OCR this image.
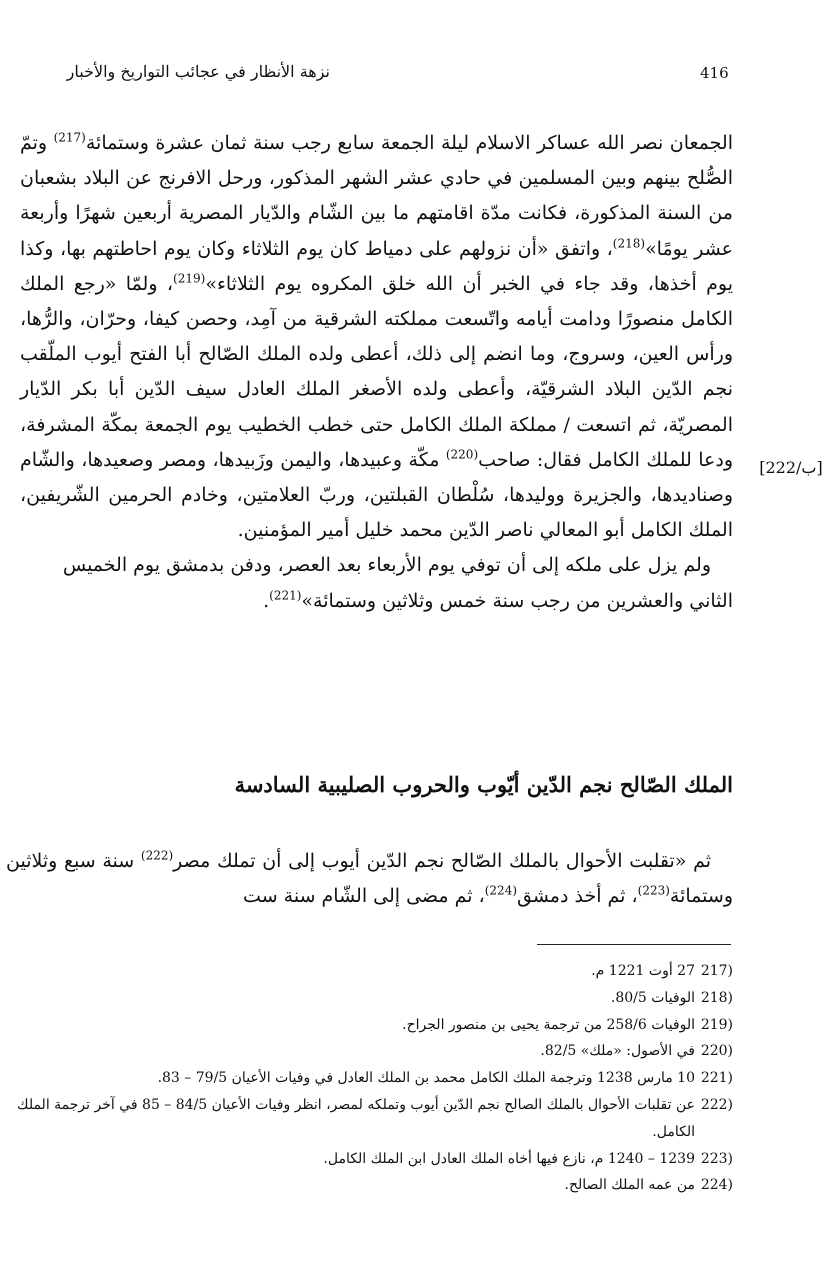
نزهة الأنظار في عجائب التواريخ والأخبار	416
[222/ب]

الجمعان نصر الله عساكر الاسلام ليلة الجمعة سابع رجب سنة ثمان عشرة وستمائة$^{(217)}$ وتمّ الصُّلح بينهم وبين المسلمين في حادي عشر الشهر المذكور، ورحل الافرنج عن البلاد بشعبان من السنة المذكورة، فكانت مدّة اقامتهم ما بين الشّام والدّيار المصرية أربعين شهرًا وأربعة عشر يومًا»$^{(218)}$، واتفق «أن نزولهم على دمياط كان يوم الثلاثاء وكان يوم احاطتهم بها، وكذا يوم أخذها، وقد جاء في الخبر أن الله خلق المكروه يوم الثلاثاء»$^{(219)}$، ولمّا «رجع الملك الكامل منصورًا ودامت أيامه واتّسعت مملكته الشرقية من آمِد، وحصن كيفا، وحرّان، والرُّها، ورأس العين، وسروج، وما انضم إلى ذلك، أعطى ولده الملك الصّالح أبا الفتح أيوب الملّقب نجم الدّين البلاد الشرقيّة، وأعطى ولده الأصغر الملك العادل سيف الدّين أبا بكر الدّيار المصريّة، ثم اتسعت / مملكة الملك الكامل حتى خطب الخطيب يوم الجمعة بمكّة المشرفة، ودعا للملك الكامل فقال: صاحب$^{(220)}$ مكّة وعبيدها، واليمن وزَبيدها، ومصر وصعيدها، والشّام وصناديدها، والجزيرة ووليدها، سُلْطان القبلتين، وربّ العلامتين، وخادم الحرمين الشّريفين، الملك الكامل أبو المعالي ناصر الدّين محمد خليل أمير المؤمنين.

ولم يزل على ملكه إلى أن توفي يوم الأربعاء بعد العصر، ودفن بدمشق يوم الخميس الثاني والعشرين من رجب سنة خمس وثلاثين وستمائة»$^{(221)}$.

الملك الصّالح نجم الدّين أيّوب والحروب الصليبية السادسة

ثم «تقلبت الأحوال بالملك الصّالح نجم الدّين أيوب إلى أن تملك مصر$^{(222)}$ سنة سبع وثلاثين وستمائة$^{(223)}$، ثم أخذ دمشق$^{(224)}$، ثم مضى إلى الشّام سنة ست

217)
27 أوت 1221 م.
218)
الوفيات 80/5.
219)
الوفيات 258/6 من ترجمة يحيى بن منصور الجراح.
220)
في الأصول: «ملك» 82/5.
221)
10 مارس 1238 وترجمة الملك الكامل محمد بن الملك العادل في وفيات الأعيان 79/5 – 83.
222)
عن تقلبات الأحوال بالملك الصالح نجم الدّين أيوب وتملكه لمصر، انظر وفيات الأعيان 84/5 – 85 في آخر ترجمة الملك الكامل.
223)
1239 – 1240 م، نازع فيها أخاه الملك العادل ابن الملك الكامل.
224)
من عمه الملك الصالح.
